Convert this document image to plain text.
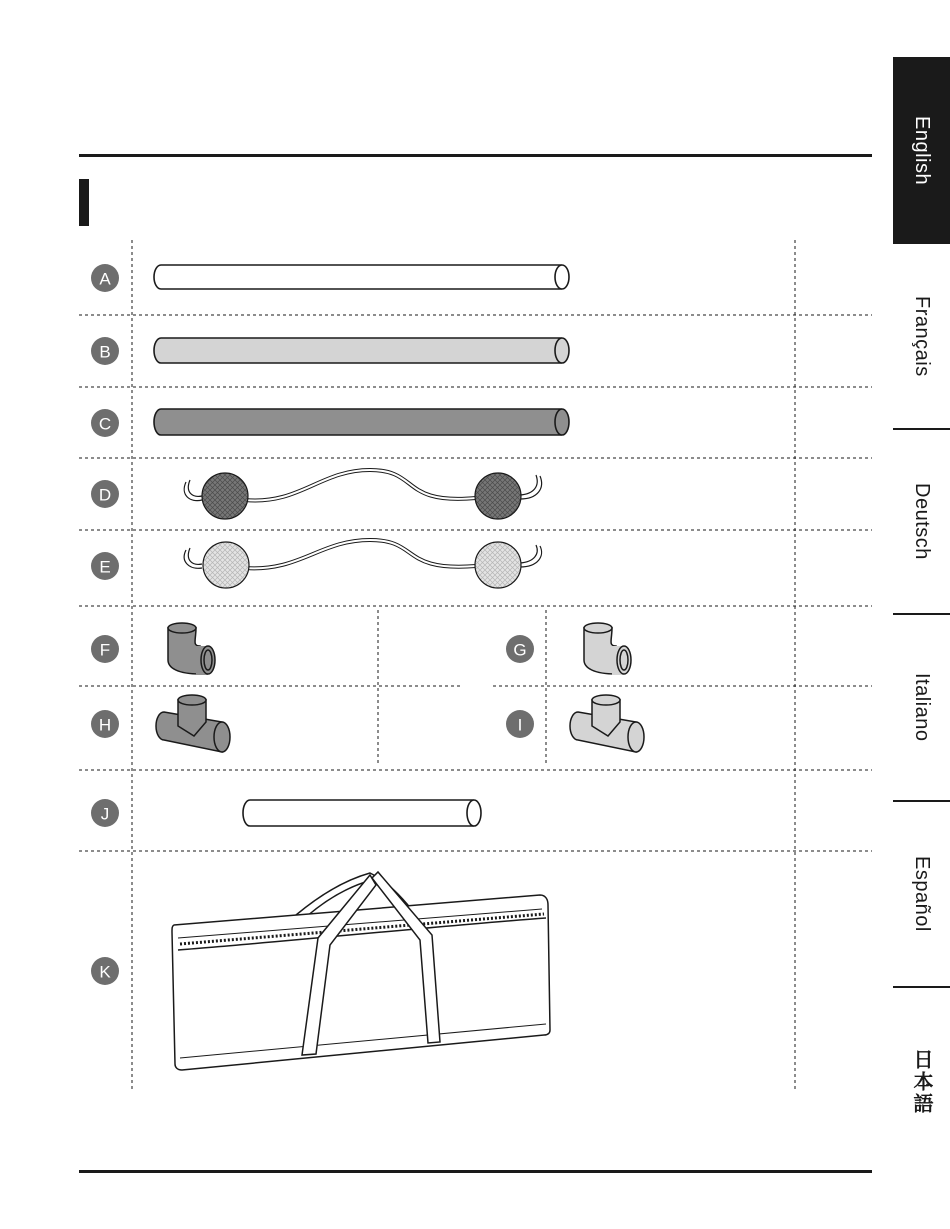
English
Français
Deutsch
Italiano
Español
日本語
A
B
C
D
E
F	G
H	I
J
K
